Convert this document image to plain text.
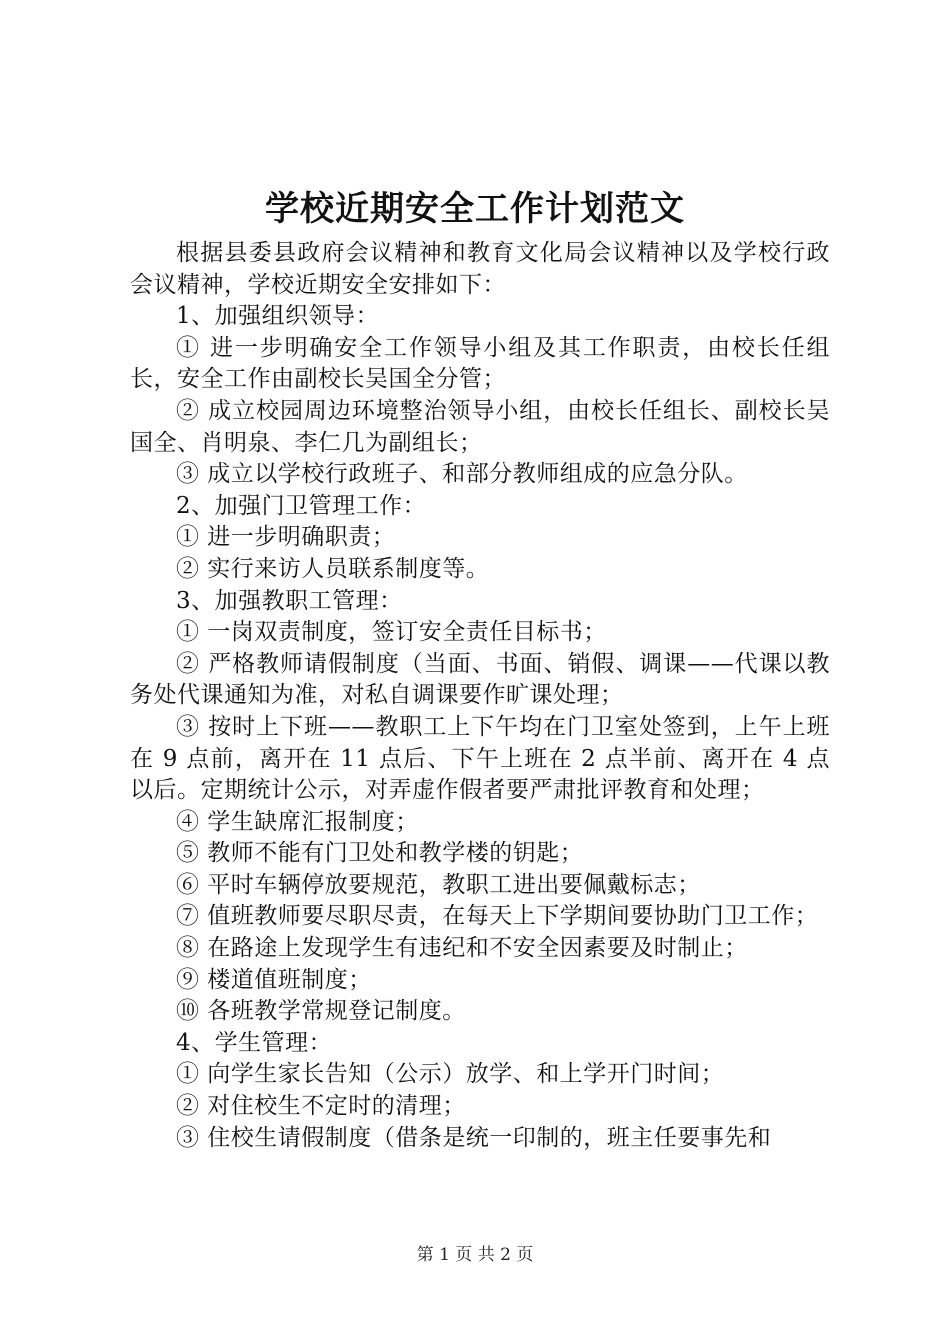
学校近期安全工作计划范文

根据县委县政府会议精神和教育文化局会议精神以及学校行政会议精神，学校近期安全安排如下：

1、加强组织领导：

① 进一步明确安全工作领导小组及其工作职责，由校长任组长，安全工作由副校长吴国全分管；

② 成立校园周边环境整治领导小组，由校长任组长、副校长吴国全、肖明泉、李仁几为副组长；

③ 成立以学校行政班子、和部分教师组成的应急分队。

2、加强门卫管理工作：

① 进一步明确职责；

② 实行来访人员联系制度等。

3、加强教职工管理：

① 一岗双责制度，签订安全责任目标书；

② 严格教师请假制度（当面、书面、销假、调课——代课以教务处代课通知为准，对私自调课要作旷课处理；

③ 按时上下班——教职工上下午均在门卫室处签到，上午上班在 9 点前，离开在 11 点后、下午上班在 2 点半前、离开在 4 点以后。定期统计公示，对弄虚作假者要严肃批评教育和处理；

④ 学生缺席汇报制度；

⑤ 教师不能有门卫处和教学楼的钥匙；

⑥ 平时车辆停放要规范，教职工进出要佩戴标志；

⑦ 值班教师要尽职尽责，在每天上下学期间要协助门卫工作；

⑧ 在路途上发现学生有违纪和不安全因素要及时制止；

⑨ 楼道值班制度；

⑩ 各班教学常规登记制度。

4、学生管理：

① 向学生家长告知（公示）放学、和上学开门时间；

② 对住校生不定时的清理；

③ 住校生请假制度（借条是统一印制的，班主任要事先和

第 1 页 共 2 页
